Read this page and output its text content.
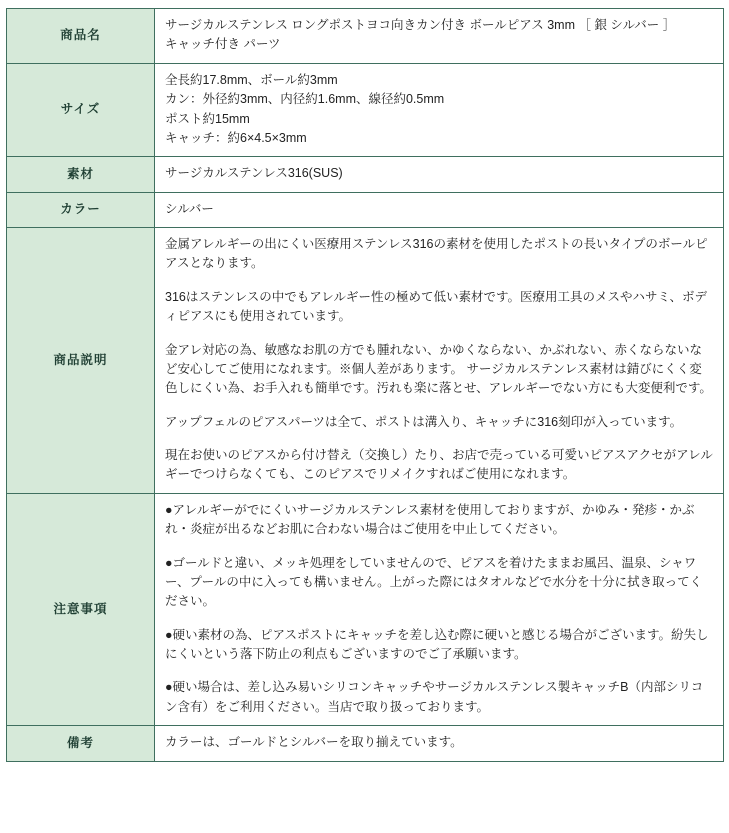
商品名	サージカルステンレス ロングポストヨコ向きカン付き ボールピアス 3mm ［ 銀 シルバー ］

キャッチ付き パーツ

サイズ	全長約17.8mm、ボール約3mm

カン：外径約3mm、内径約1.6mm、線径約0.5mm

ポスト約15mm

キャッチ：約6×4.5×3mm

素材	サージカルステンレス316(SUS)

カラー	シルバー

商品説明	金属アレルギーの出にくい医療用ステンレス316の素材を使用したポストの長いタイプのボールピアスとなります。

316はステンレスの中でもアレルギー性の極めて低い素材です。医療用工具のメスやハサミ、ボディピアスにも使用されています。

金アレ対応の為、敏感なお肌の方でも腫れない、かゆくならない、かぶれない、赤くならないなど安心してご使用になれます。※個人差があります。 サージカルステンレス素材は錆びにくく変色しにくい為、お手入れも簡単です。汚れも楽に落とせ、アレルギーでない方にも大変便利です。

アップフェルのピアスパーツは全て、ポストは溝入り、キャッチに316刻印が入っています。

現在お使いのピアスから付け替え（交換し）たり、お店で売っている可愛いピアスアクセがアレルギーでつけらなくても、このピアスでリメイクすればご使用になれます。

注意事項	●アレルギーがでにくいサージカルステンレス素材を使用しておりますが、かゆみ・発疹・かぶれ・炎症が出るなどお肌に合わない場合はご使用を中止してください。

●ゴールドと違い、メッキ処理をしていませんので、ピアスを着けたままお風呂、温泉、シャワー、プールの中に入っても構いません。上がった際にはタオルなどで水分を十分に拭き取ってください。

●硬い素材の為、ピアスポストにキャッチを差し込む際に硬いと感じる場合がございます。紛失しにくいという落下防止の利点もございますのでご了承願います。

●硬い場合は、差し込み易いシリコンキャッチやサージカルステンレス製キャッチB（内部シリコン含有）をご利用ください。当店で取り扱っております。

備考	カラーは、ゴールドとシルバーを取り揃えています。
